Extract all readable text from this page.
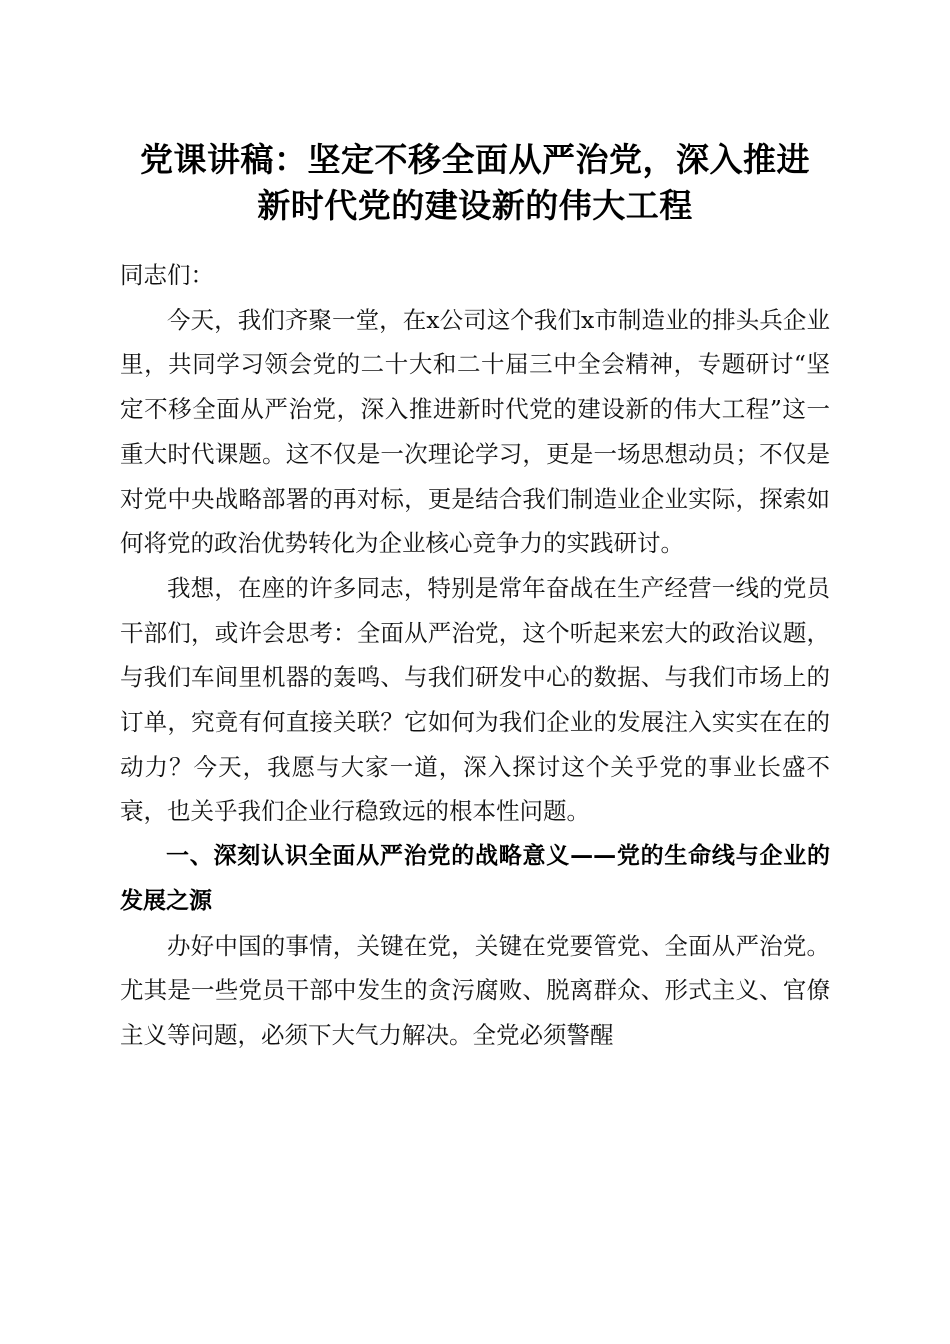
党课讲稿：坚定不移全面从严治党，深入推进
新时代党的建设新的伟大工程

同志们：

今天，我们齐聚一堂，在x公司这个我们x市制造业的排头兵企业里，共同学习领会党的二十大和二十届三中全会精神，专题研讨“坚定不移全面从严治党，深入推进新时代党的建设新的伟大工程”这一重大时代课题。这不仅是一次理论学习，更是一场思想动员；不仅是对党中央战略部署的再对标，更是结合我们制造业企业实际，探索如何将党的政治优势转化为企业核心竞争力的实践研讨。

我想，在座的许多同志，特别是常年奋战在生产经营一线的党员干部们，或许会思考：全面从严治党，这个听起来宏大的政治议题，与我们车间里机器的轰鸣、与我们研发中心的数据、与我们市场上的订单，究竟有何直接关联？它如何为我们企业的发展注入实实在在的动力？今天，我愿与大家一道，深入探讨这个关乎党的事业长盛不衰，也关乎我们企业行稳致远的根本性问题。

一、深刻认识全面从严治党的战略意义——党的生命线与企业的发展之源

办好中国的事情，关键在党，关键在党要管党、全面从严治党。尤其是一些党员干部中发生的贪污腐败、脱离群众、形式主义、官僚主义等问题，必须下大气力解决。全党必须警醒
